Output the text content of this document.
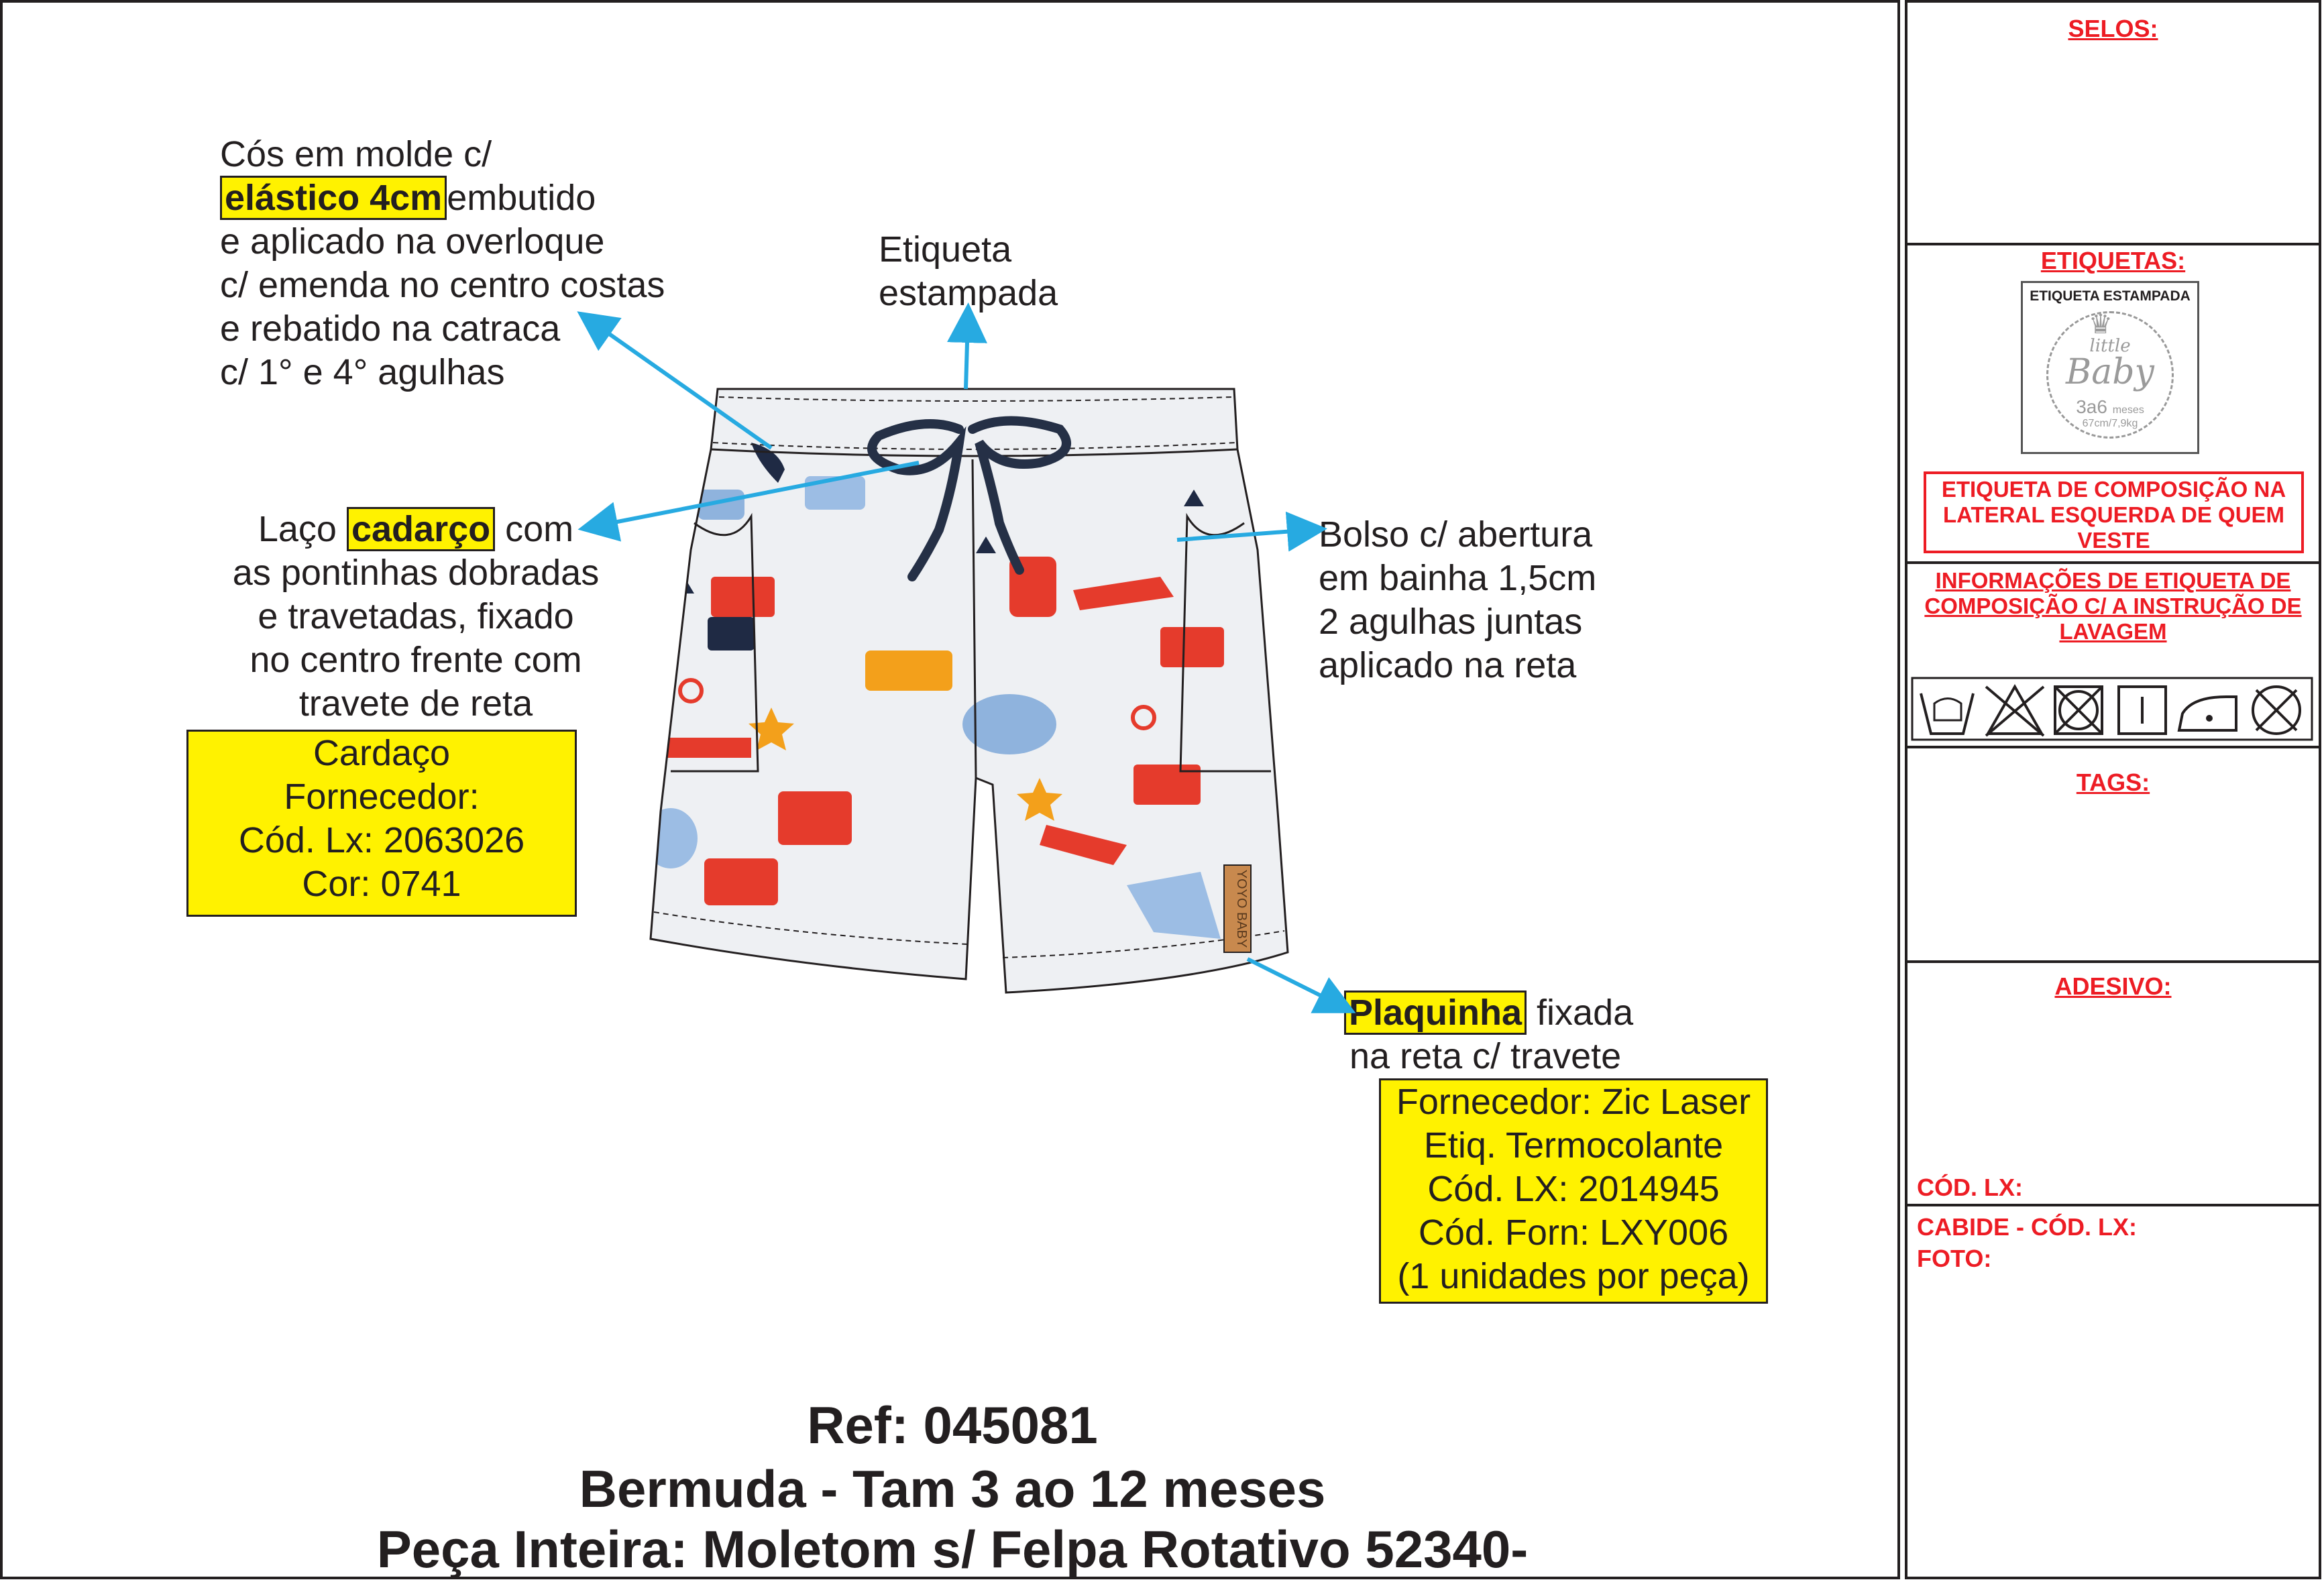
Cós em molde c/
elástico 4cm embutido
e aplicado na overloque
c/ emenda no centro costas
e rebatido na catraca
c/ 1° e 4° agulhas
Etiqueta
estampada
Laço cadarço com
as pontinhas dobradas
e travetadas, fixado
no centro frente com
travete de reta
Cardaço
Fornecedor:
Cód. Lx: 2063026
Cor: 0741
Bolso c/ abertura
em bainha 1,5cm
2 agulhas juntas
aplicado na reta
Plaquinha fixada
na reta c/ travete
Fornecedor: Zic Laser
Etiq. Termocolante
Cód. LX: 2014945
Cód. Forn: LXY006
(1 unidades por peça)
YOYO BABY
Ref: 045081
Bermuda - Tam 3 ao 12 meses
Peça Inteira: Moletom s/ Felpa Rotativo 52340-
SELOS:
ETIQUETAS:
ETIQUETA ESTAMPADA
♛
little
Baby
3a6 meses
67cm/7,9kg
ETIQUETA DE COMPOSIÇÃO NA LATERAL ESQUERDA DE QUEM VESTE
INFORMAÇÕES DE ETIQUETA DE COMPOSIÇÃO C/ A INSTRUÇÃO DE LAVAGEM
TAGS:
ADESIVO:
CÓD. LX:
CABIDE - CÓD. LX:
FOTO:
